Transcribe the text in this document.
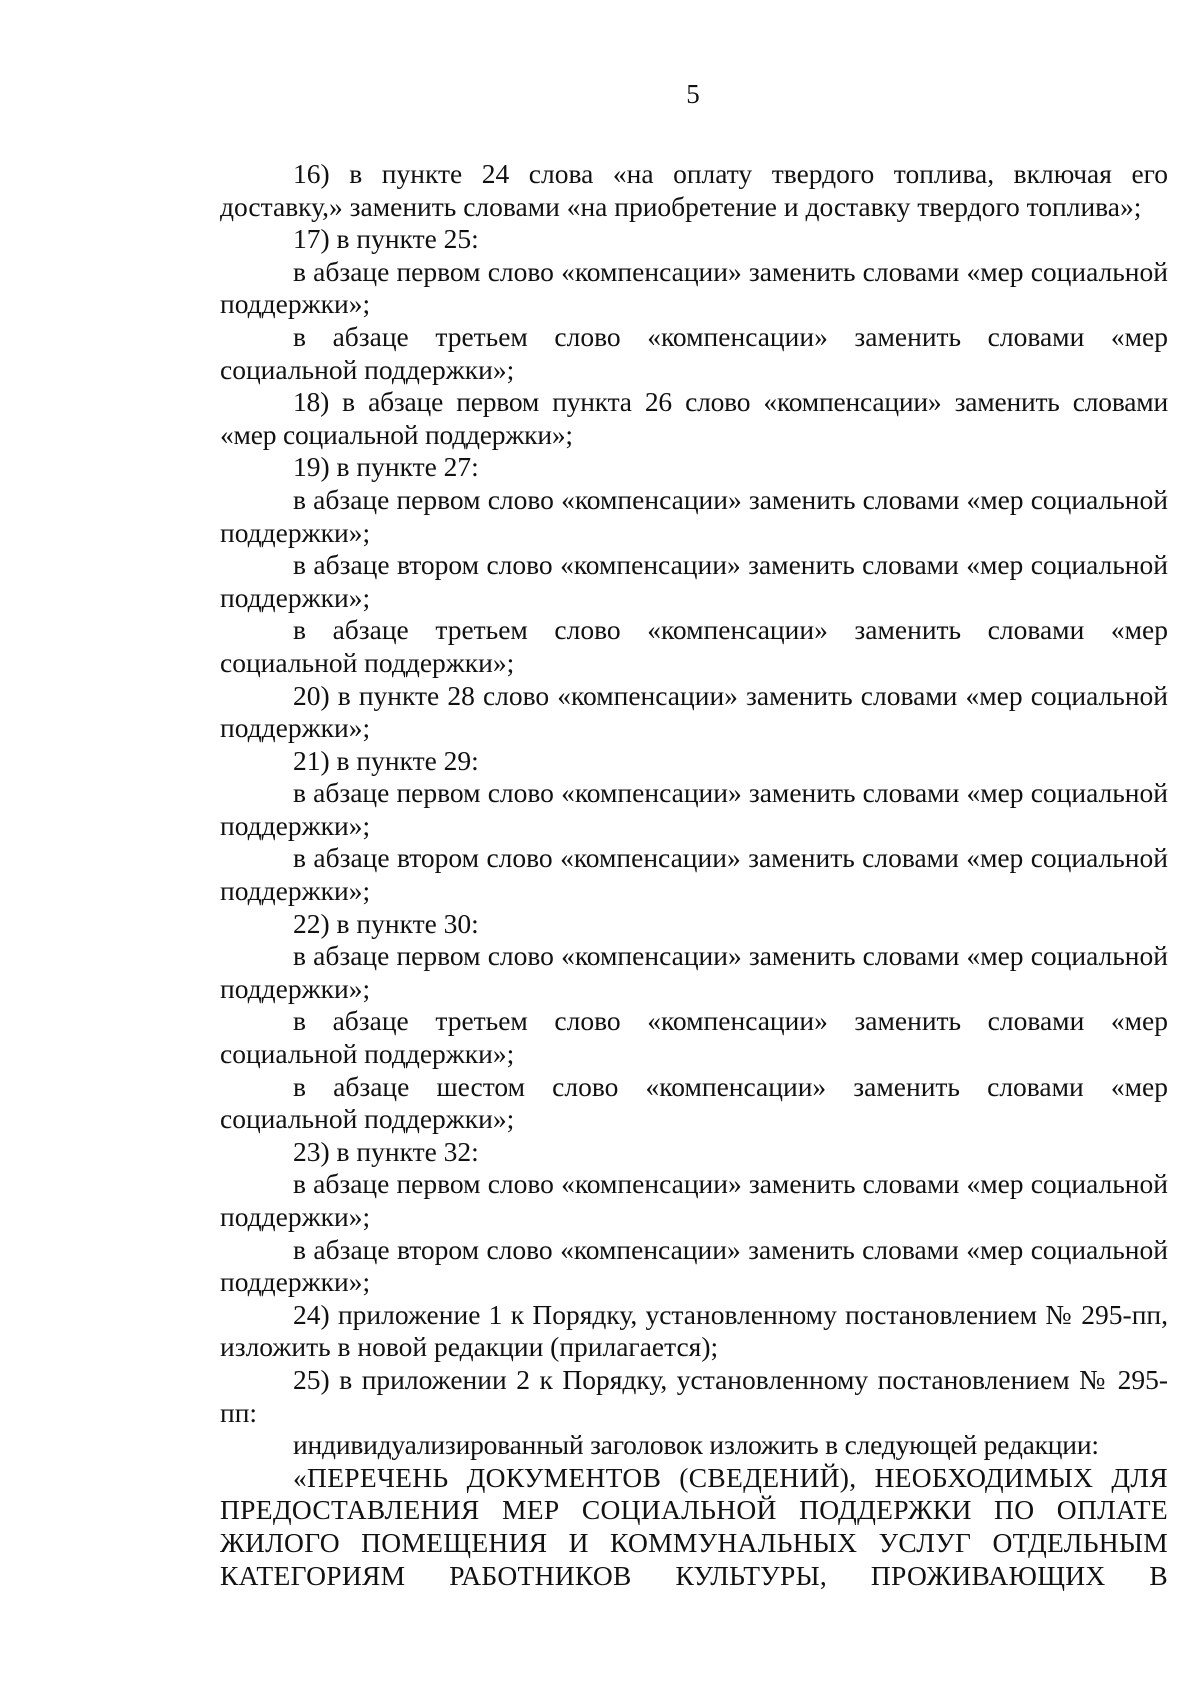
5

16) в пункте 24 слова «на оплату твердого топлива, включая его доставку,» заменить словами «на приобретение и доставку твердого топлива»;

17) в пункте 25:

в абзаце первом слово «компенсации» заменить словами «мер социальной поддержки»;

в абзаце третьем слово «компенсации» заменить словами «мер социальной поддержки»;

18) в абзаце первом пункта 26 слово «компенсации» заменить словами «мер социальной поддержки»;

19) в пункте 27:

в абзаце первом слово «компенсации» заменить словами «мер социальной поддержки»;

в абзаце втором слово «компенсации» заменить словами «мер социальной поддержки»;

в абзаце третьем слово «компенсации» заменить словами «мер социальной поддержки»;

20) в пункте 28 слово «компенсации» заменить словами «мер социальной поддержки»;

21) в пункте 29:

в абзаце первом слово «компенсации» заменить словами «мер социальной поддержки»;

в абзаце втором слово «компенсации» заменить словами «мер социальной поддержки»;

22) в пункте 30:

в абзаце первом слово «компенсации» заменить словами «мер социальной поддержки»;

в абзаце третьем слово «компенсации» заменить словами «мер социальной поддержки»;

в абзаце шестом слово «компенсации» заменить словами «мер социальной поддержки»;

23) в пункте 32:

в абзаце первом слово «компенсации» заменить словами «мер социальной поддержки»;

в абзаце втором слово «компенсации» заменить словами «мер социальной поддержки»;

24) приложение 1 к Порядку, установленному постановлением № 295-пп, изложить в новой редакции (прилагается);

25) в приложении 2 к Порядку, установленному постановлением № 295-пп:

индивидуализированный заголовок изложить в следующей редакции:

«ПЕРЕЧЕНЬ ДОКУМЕНТОВ (СВЕДЕНИЙ), НЕОБХОДИМЫХ ДЛЯ ПРЕДОСТАВЛЕНИЯ МЕР СОЦИАЛЬНОЙ ПОДДЕРЖКИ ПО ОПЛАТЕ ЖИЛОГО ПОМЕЩЕНИЯ И КОММУНАЛЬНЫХ УСЛУГ ОТДЕЛЬНЫМ КАТЕГОРИЯМ РАБОТНИКОВ КУЛЬТУРЫ, ПРОЖИВАЮЩИХ В
